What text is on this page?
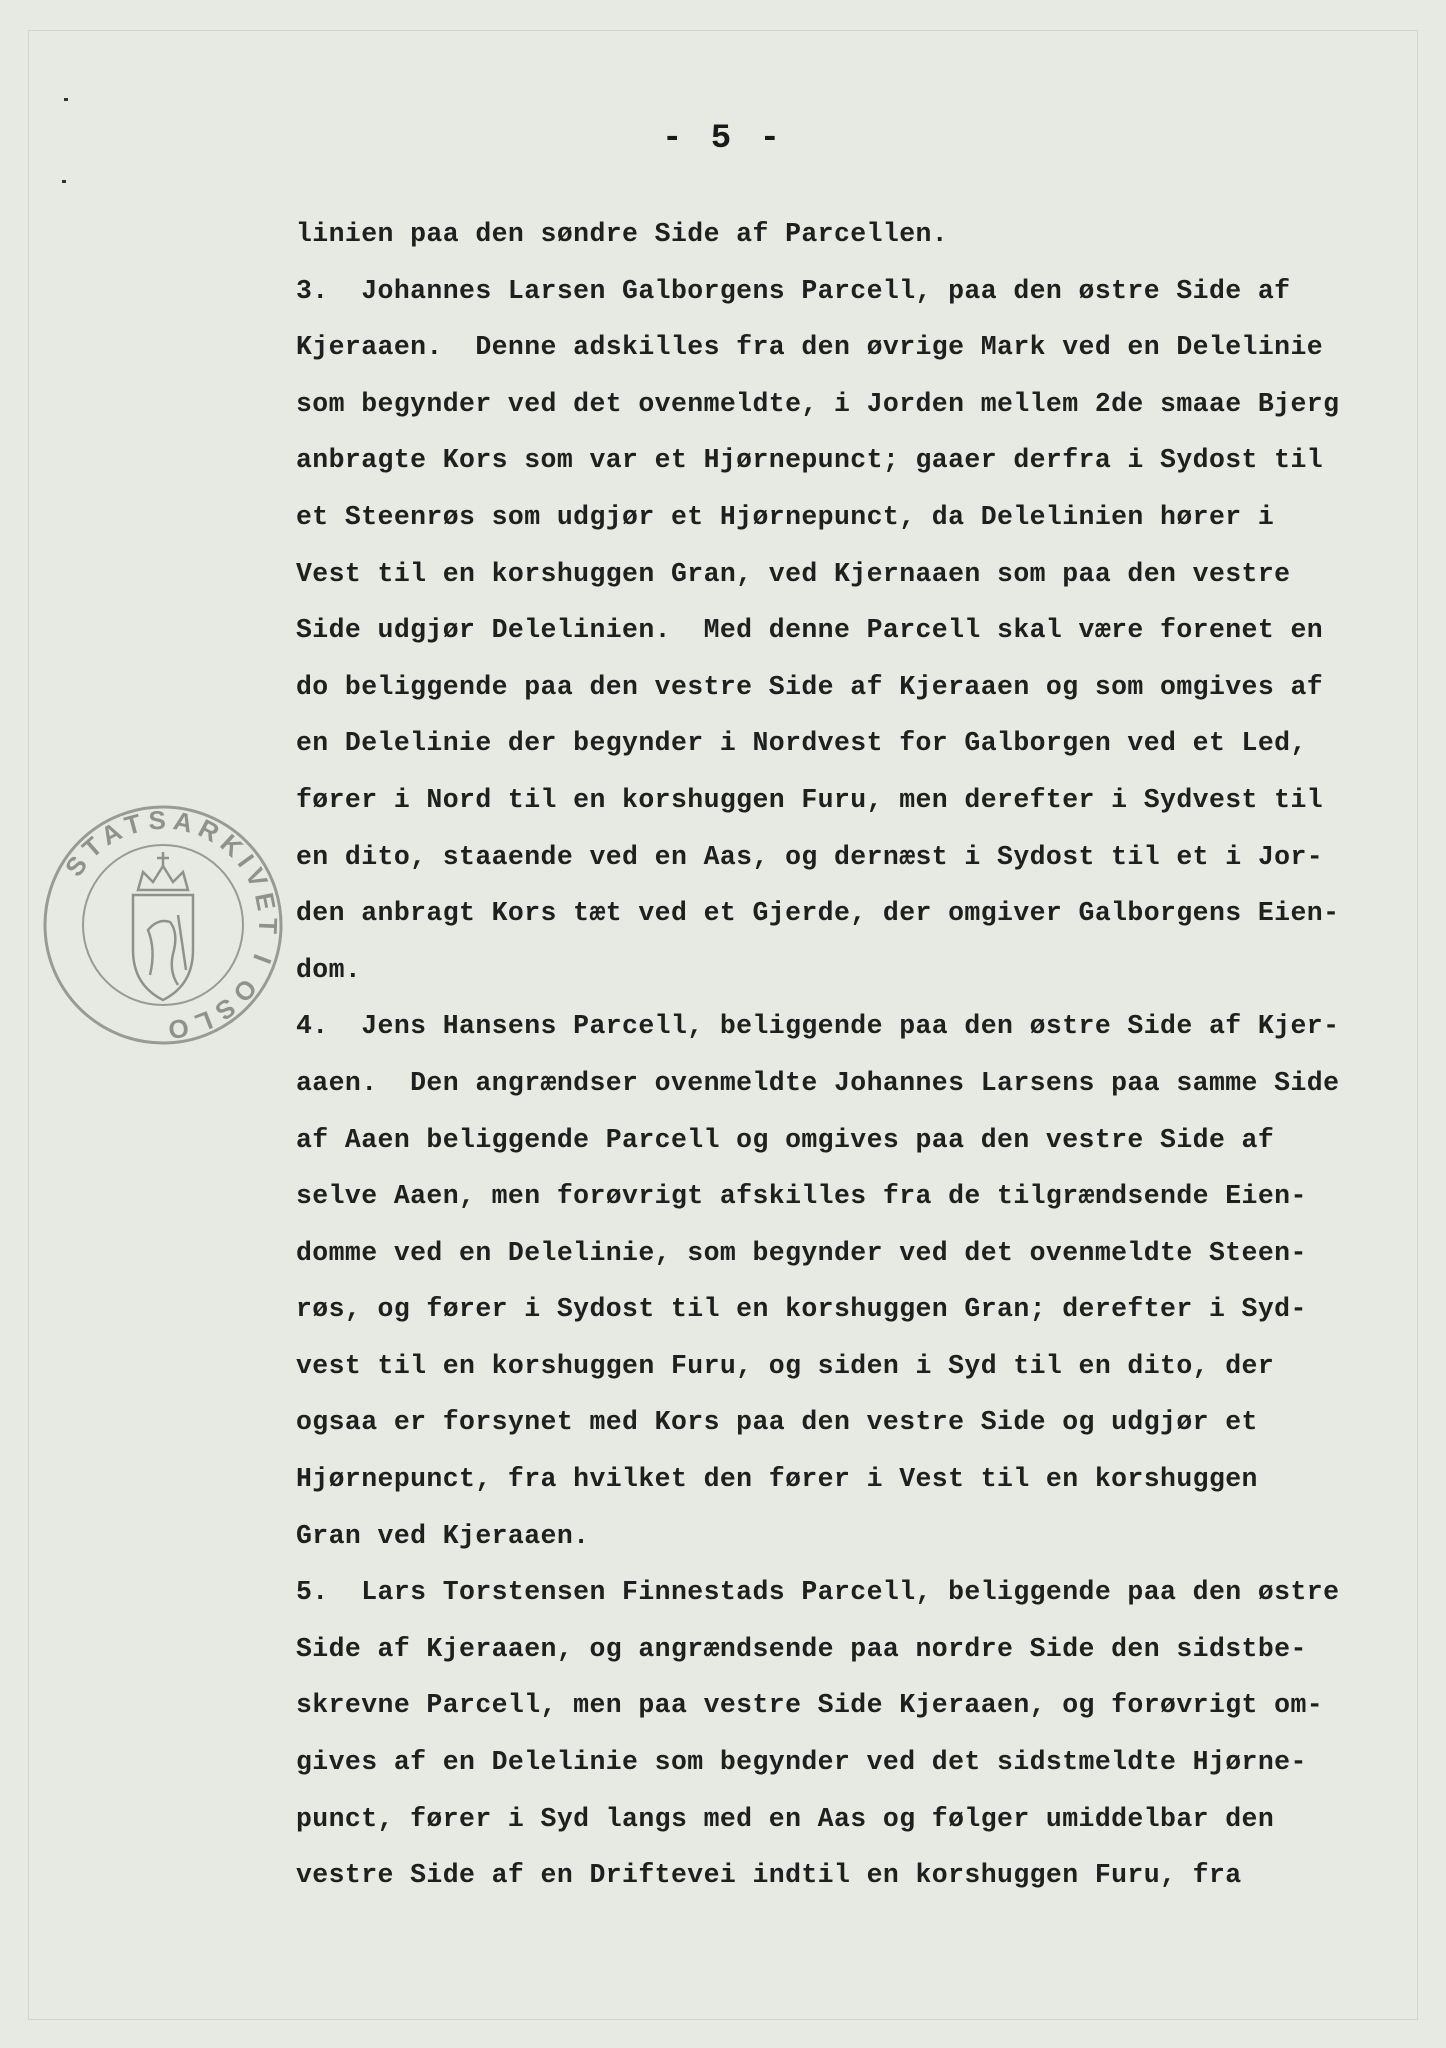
- 5 -
STATSARKIVET I OSLO
linien paa den søndre Side af Parcellen.
3.  Johannes Larsen Galborgens Parcell, paa den østre Side af
Kjeraaen.  Denne adskilles fra den øvrige Mark ved en Delelinie
som begynder ved det ovenmeldte, i Jorden mellem 2de smaae Bjerg
anbragte Kors som var et Hjørnepunct; gaaer derfra i Sydost til
et Steenrøs som udgjør et Hjørnepunct, da Delelinien hører i
Vest til en korshuggen Gran, ved Kjernaaen som paa den vestre
Side udgjør Delelinien.  Med denne Parcell skal være forenet en
do beliggende paa den vestre Side af Kjeraaen og som omgives af
en Delelinie der begynder i Nordvest for Galborgen ved et Led,
fører i Nord til en korshuggen Furu, men derefter i Sydvest til
en dito, staaende ved en Aas, og dernæst i Sydost til et i Jor-
den anbragt Kors tæt ved et Gjerde, der omgiver Galborgens Eien-
dom.
4.  Jens Hansens Parcell, beliggende paa den østre Side af Kjer-
aaen.  Den angrændser ovenmeldte Johannes Larsens paa samme Side
af Aaen beliggende Parcell og omgives paa den vestre Side af
selve Aaen, men forøvrigt afskilles fra de tilgrændsende Eien-
domme ved en Delelinie, som begynder ved det ovenmeldte Steen-
røs, og fører i Sydost til en korshuggen Gran; derefter i Syd-
vest til en korshuggen Furu, og siden i Syd til en dito, der
ogsaa er forsynet med Kors paa den vestre Side og udgjør et
Hjørnepunct, fra hvilket den fører i Vest til en korshuggen
Gran ved Kjeraaen.
5.  Lars Torstensen Finnestads Parcell, beliggende paa den østre
Side af Kjeraaen, og angrændsende paa nordre Side den sidstbe-
skrevne Parcell, men paa vestre Side Kjeraaen, og forøvrigt om-
gives af en Delelinie som begynder ved det sidstmeldte Hjørne-
punct, fører i Syd langs med en Aas og følger umiddelbar den
vestre Side af en Driftevei indtil en korshuggen Furu, fra
